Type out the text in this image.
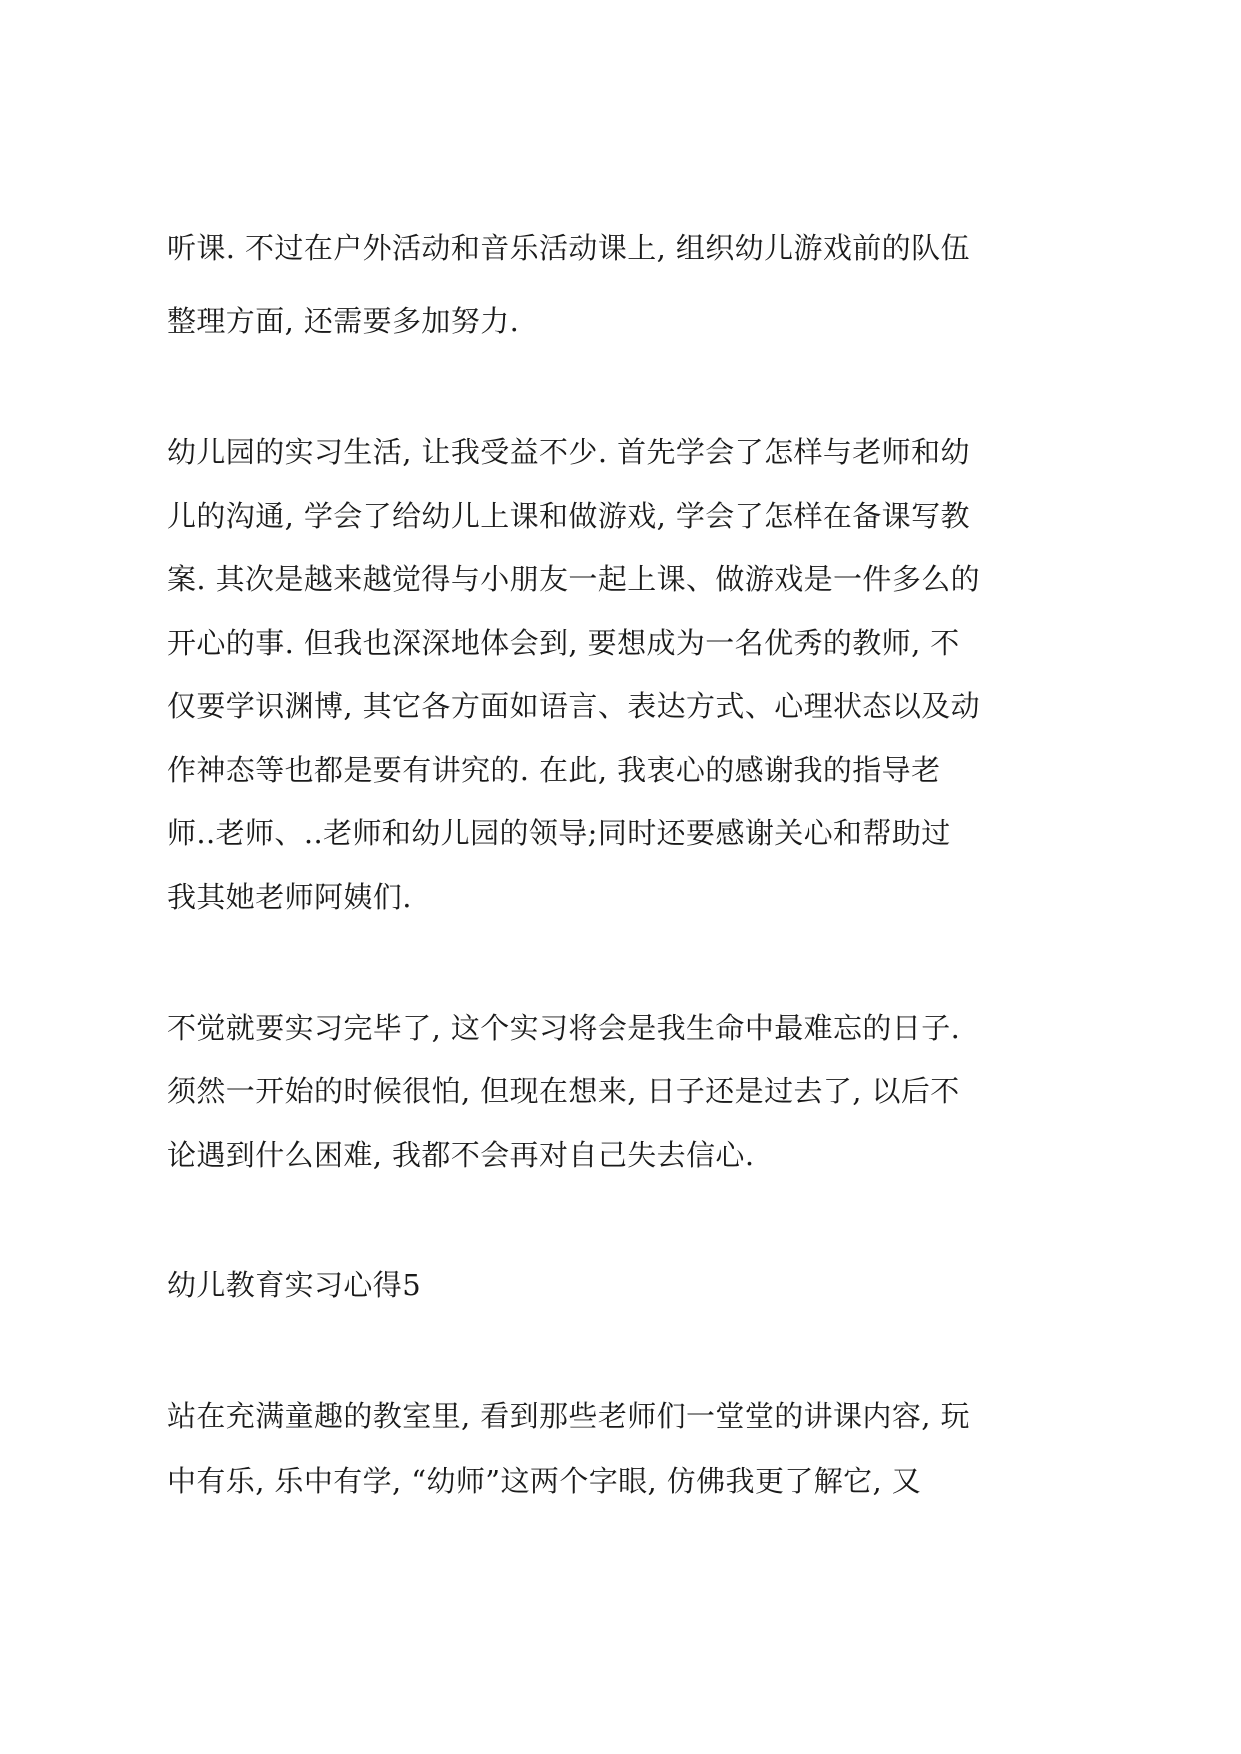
听课. 不过在户外活动和音乐活动课上, 组织幼儿游戏前的队伍
整理方面, 还需要多加努力.
幼儿园的实习生活, 让我受益不少. 首先学会了怎样与老师和幼
儿的沟通, 学会了给幼儿上课和做游戏, 学会了怎样在备课写教
案. 其次是越来越觉得与小朋友一起上课、做游戏是一件多么的
开心的事. 但我也深深地体会到, 要想成为一名优秀的教师, 不
仅要学识渊博, 其它各方面如语言、表达方式、心理状态以及动
作神态等也都是要有讲究的. 在此, 我衷心的感谢我的指导老
师..老师、..老师和幼儿园的领导;同时还要感谢关心和帮助过
我其她老师阿姨们.
不觉就要实习完毕了, 这个实习将会是我生命中最难忘的日子.
须然一开始的时候很怕, 但现在想来, 日子还是过去了, 以后不
论遇到什么困难, 我都不会再对自己失去信心.
幼儿教育实习心得5
站在充满童趣的教室里, 看到那些老师们一堂堂的讲课内容, 玩
中有乐, 乐中有学, “幼师”这两个字眼, 仿佛我更了解它, 又
